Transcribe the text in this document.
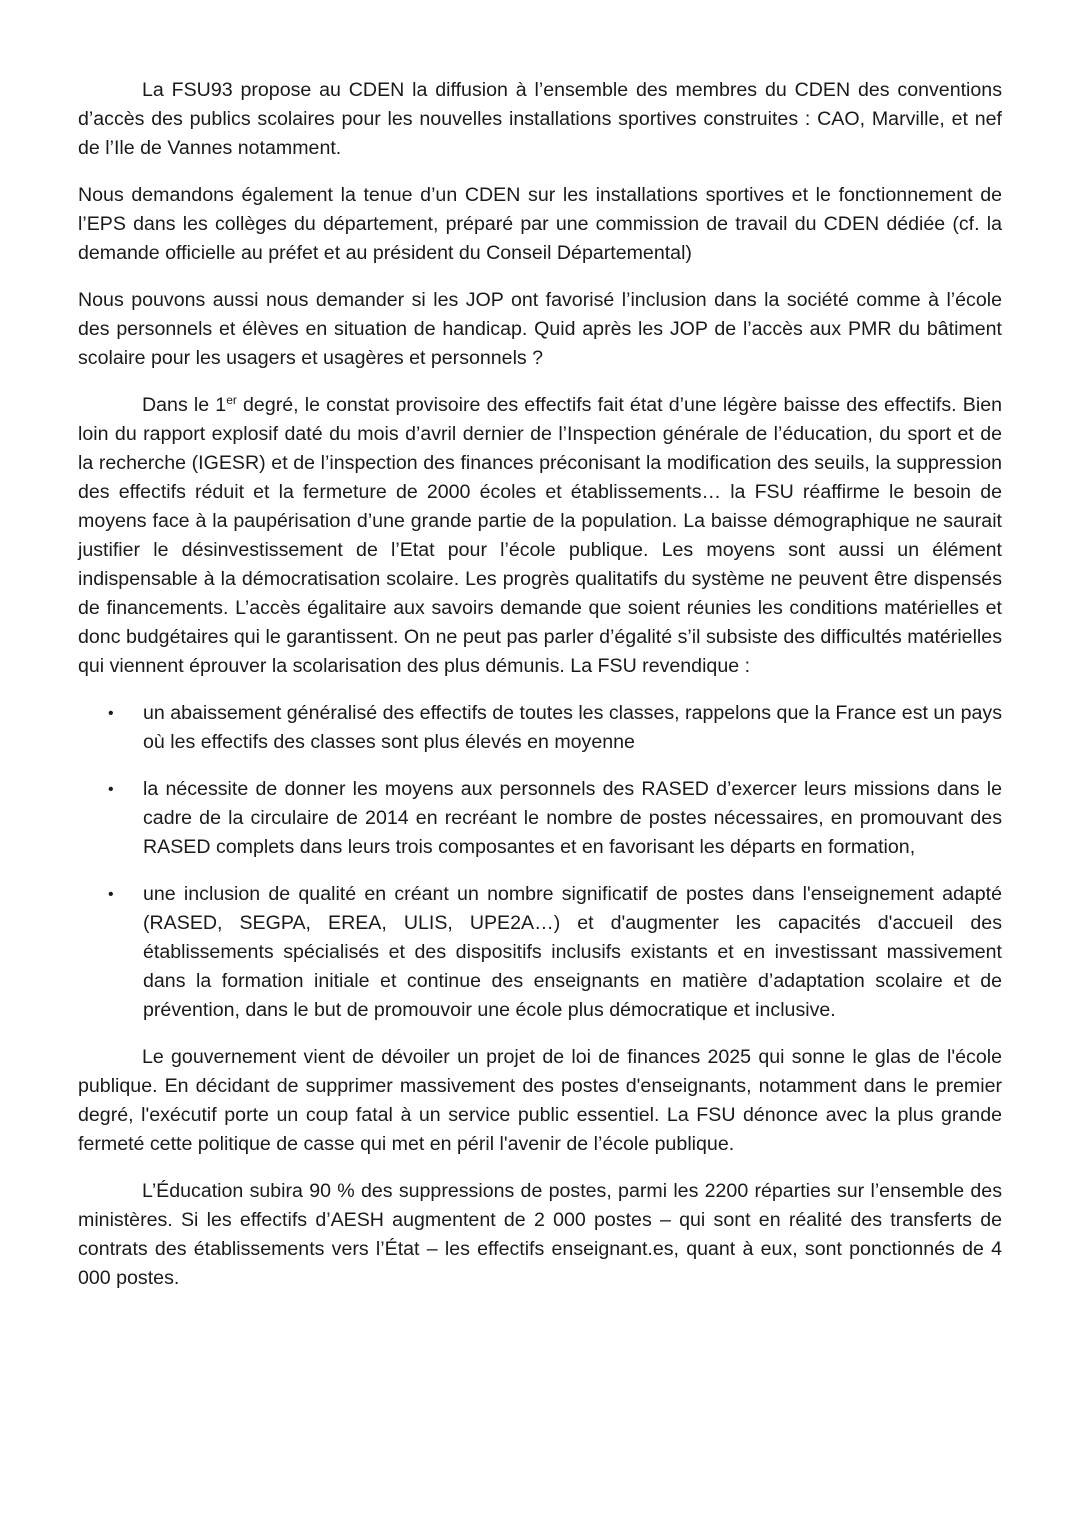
La FSU93 propose au CDEN la diffusion à l’ensemble des membres du CDEN des conventions d’accès des publics scolaires pour les nouvelles installations sportives construites : CAO, Marville, et nef de l’Ile de Vannes notamment.

Nous demandons également la tenue d’un CDEN sur les installations sportives et le fonctionnement de l’EPS dans les collèges du département, préparé par une commission de travail du CDEN dédiée (cf. la demande officielle au préfet et au président du Conseil Départemental)

Nous pouvons aussi nous demander si les JOP ont favorisé l’inclusion dans la société comme à l’école des personnels et élèves en situation de handicap. Quid après les JOP de l’accès aux PMR du bâtiment scolaire pour les usagers et usagères et personnels ?

Dans le 1er degré, le constat provisoire des effectifs fait état d’une légère baisse des effectifs. Bien loin du rapport explosif daté du mois d’avril dernier de l’Inspection générale de l’éducation, du sport et de la recherche (IGESR) et de l’inspection des finances préconisant la modification des seuils, la suppression des effectifs réduit et la fermeture de 2000 écoles et établissements… la FSU réaffirme le besoin de moyens face à la paupérisation d’une grande partie de la population. La baisse démographique ne saurait justifier le désinvestissement de l’Etat pour l’école publique. Les moyens sont aussi un élément indispensable à la démocratisation scolaire. Les progrès qualitatifs du système ne peuvent être dispensés de financements. L’accès égalitaire aux savoirs demande que soient réunies les conditions matérielles et donc budgétaires qui le garantissent. On ne peut pas parler d’égalité s’il subsiste des difficultés matérielles qui viennent éprouver la scolarisation des plus démunis. La FSU revendique :

• un abaissement généralisé des effectifs de toutes les classes, rappelons que la France est un pays où les effectifs des classes sont plus élevés en moyenne
• la nécessite de donner les moyens aux personnels des RASED d’exercer leurs missions dans le cadre de la circulaire de 2014 en recréant le nombre de postes nécessaires, en promouvant des RASED complets dans leurs trois composantes et en favorisant les départs en formation,
• une inclusion de qualité en créant un nombre significatif de postes dans l'enseignement adapté (RASED, SEGPA, EREA, ULIS, UPE2A…) et d'augmenter les capacités d'accueil des établissements spécialisés et des dispositifs inclusifs existants et en investissant massivement dans la formation initiale et continue des enseignants en matière d’adaptation scolaire et de prévention, dans le but de promouvoir une école plus démocratique et inclusive.

Le gouvernement vient de dévoiler un projet de loi de finances 2025 qui sonne le glas de l'école publique. En décidant de supprimer massivement des postes d'enseignants, notamment dans le premier degré, l'exécutif porte un coup fatal à un service public essentiel. La FSU dénonce avec la plus grande fermeté cette politique de casse qui met en péril l'avenir de l’école publique.

L’Éducation subira 90 % des suppressions de postes, parmi les 2200 réparties sur l’ensemble des ministères. Si les effectifs d’AESH augmentent de 2 000 postes – qui sont en réalité des transferts de contrats des établissements vers l’État – les effectifs enseignant.es, quant à eux, sont ponctionnés de 4 000 postes.
